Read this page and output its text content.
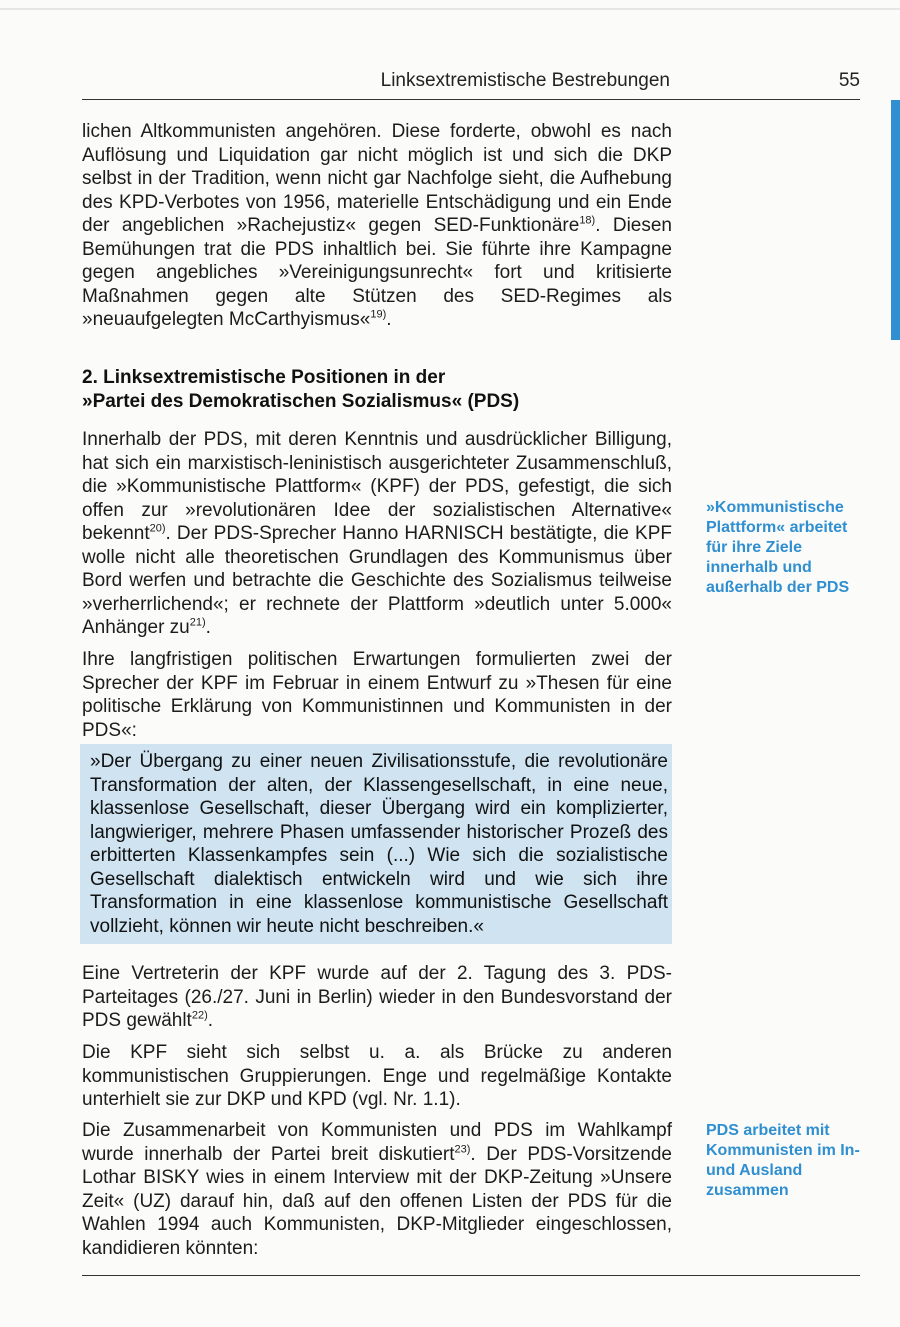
Linksextremistische Bestrebungen	55

lichen Altkommunisten angehören. Diese forderte, obwohl es nach Auflösung und Liquidation gar nicht möglich ist und sich die DKP selbst in der Tradition, wenn nicht gar Nachfolge sieht, die Aufhebung des KPD-Verbotes von 1956, materielle Entschädigung und ein Ende der angeblichen »Rachejustiz« gegen SED-Funktionäre$^{18)}$. Diesen Bemühungen trat die PDS inhaltlich bei. Sie führte ihre Kampagne gegen angebliches »Vereinigungsunrecht« fort und kritisierte Maßnahmen gegen alte Stützen des SED-Regimes als »neuaufgelegten McCarthyismus«$^{19)}$.

2. Linksextremistische Positionen in der
»Partei des Demokratischen Sozialismus« (PDS)

Innerhalb der PDS, mit deren Kenntnis und ausdrücklicher Billigung, hat sich ein marxistisch-leninistisch ausgerichteter Zusammenschluß, die »Kommunistische Plattform« (KPF) der PDS, gefestigt, die sich offen zur »revolutionären Idee der sozialistischen Alternative« bekennt$^{20)}$. Der PDS-Sprecher Hanno HARNISCH bestätigte, die KPF wolle nicht alle theoretischen Grundlagen des Kommunismus über Bord werfen und betrachte die Geschichte des Sozialismus teilweise »verherrlichend«; er rechnete der Plattform »deutlich unter 5.000« Anhänger $zu^{21)}$.

Ihre langfristigen politischen Erwartungen formulierten zwei der Sprecher der KPF im Februar in einem Entwurf zu »Thesen für eine politische Erklärung von Kommunistinnen und Kommunisten in der PDS«:

»Der Übergang zu einer neuen Zivilisationsstufe, die revolutionäre Transformation der alten, der Klassengesellschaft, in eine neue, klassenlose Gesellschaft, dieser Übergang wird ein komplizierter, langwieriger, mehrere Phasen umfassender historischer Prozeß des erbitterten Klassenkampfes sein (...) Wie sich die sozialistische Gesellschaft dialektisch entwickeln wird und wie sich ihre Transformation in eine klassenlose kommunistische Gesellschaft vollzieht, können wir heute nicht beschreiben.«

Eine Vertreterin der KPF wurde auf der 2. Tagung des 3. PDS-Parteitages (26./27. Juni in Berlin) wieder in den Bundesvorstand der PDS gewählt$^{22)}$.

Die KPF sieht sich selbst u. a. als Brücke zu anderen kommunistischen Gruppierungen. Enge und regelmäßige Kontakte unterhielt sie zur DKP und KPD (vgl. Nr. 1.1).

Die Zusammenarbeit von Kommunisten und PDS im Wahlkampf wurde innerhalb der Partei breit diskutiert$^{23)}$. Der PDS-Vorsitzende Lothar BISKY wies in einem Interview mit der DKP-Zeitung »Unsere Zeit« (UZ) darauf hin, daß auf den offenen Listen der PDS für die Wahlen 1994 auch Kommunisten, DKP-Mitglieder eingeschlossen, kandidieren könnten:

»Kommunistische Plattform« arbeitet für ihre Ziele innerhalb und außerhalb der PDS

PDS arbeitet mit Kommunisten im In- und Ausland zusammen
